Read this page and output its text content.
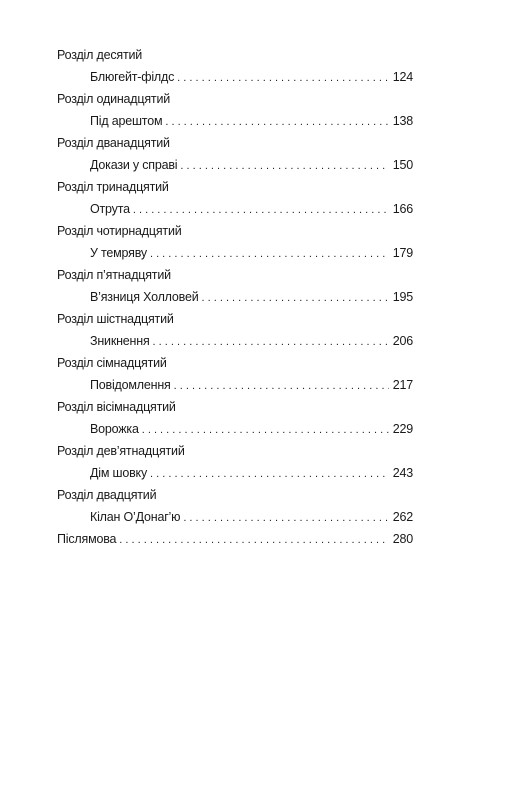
Розділ десятий
Блюгейт-філдс . . .	124
Розділ одинадцятий
Під арештом . . .	138
Розділ дванадцятий
Докази у справі . . .	150
Розділ тринадцятий
Отрута . . .	166
Розділ чотирнадцятий
У темряву . . .	179
Розділ п’ятнадцятий
В’язниця Холловей . . .	195
Розділ шістнадцятий
Зникнення . . .	206
Розділ сімнадцятий
Повідомлення . . .	217
Розділ вісімнадцятий
Ворожка . . .	229
Розділ дев’ятнадцятий
Дім шовку . . .	243
Розділ двадцятий
Кілан О’Донаг’ю . . .	262
Післямова . . .	280
